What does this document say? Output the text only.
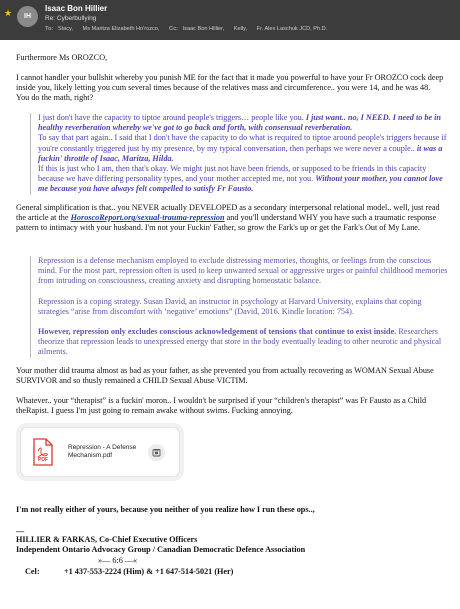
★	IH
Isaac Bon Hillier
Re: Cyberbullying
To: Stacy, Ms Maritza Elizabeth Ho'rozco, Cc: Isaac Bon Hillier, Kelly, Fr. Alex Laschuk JCD, Ph.D.
Furthermore Ms OROZCO,
I cannot handler your bullshit whereby you punish ME for the fact that it made you powerful to have your Fr OROZCO cock deep inside you, likely letting you cum several times because of the relatives mass and circumference.. you were 14, and he was 48. You do the math, right?
I just don't have the capacity to tiptoe around people's triggers… people like you. I just want.. no, I NEED. I need to be in healthy reverberation whereby we've got to go back and forth, with consensual reverberation.
To say that part again.. I said that I don't have the capacity to do what is required to tiptoe around people's triggers because if you're constantly triggered just by my presence, by my typical conversation, then perhaps we were never a couple.. it was a fuckin' throttle of Isaac, Maritza, Hilda.
If this is just who I am, then that's okay. We might just not have been friends, or supposed to be friends in this capacity because we have differing personality types, and your mother accepted me, not you. Without your mother, you cannot love me because you have always felt compelled to satisfy Fr Fausto.
General simplification is that.. you NEVER actually DEVELOPED as a secondary interpersonal relational model.. well, just read the article at the HoroscoReport.org/sexual-trauma-repression and you'll understand WHY you have such a traumatic response pattern to intimacy with your husband. I'm not your Fuckin' Father, so grow the Fark's up or get the Fark's Out of My Lane.
Repression is a defense mechanism employed to exclude distressing memories, thoughts, or feelings from the conscious mind. For the most part, repression often is used to keep unwanted sexual or aggressive urges or painful childhood memories from intruding on consciousness, creating anxiety and disrupting homeostatic balance.
Repression is a coping strategy. Susan David, an instructor in psychology at Harvard University, explains that coping strategies “arise from discomfort with ‘negative’ emotions” (David, 2016. Kindle location: 754).
However, repression only excludes conscious acknowledgement of tensions that continue to exist inside. Researchers theorize that repression leads to unexpressed energy that store in the body eventually leading to other neurotic and physical ailments.
Your mother did trauma almost as bad as your father, as she prevented you from actually recovering as WOMAN Sexual Abuse SURVIVOR and so thusly remained a CHILD Sexual Abuse VICTIM.
Whatever.. your “therapist” is a fuckin' moron.. I wouldn't be surprised if your “children's therapist” was Fr Fausto as a Child theRapist. I guess I'm just going to remain awake without swims. Fucking annoying.
PDF
Repression - A Defense Mechanism.pdf
I'm not really either of yours, because you neither of you realize how I run these ops..,
__
HILLIER & FARKAS, Co-Chief Executive Officers
Independent Ontario Advocacy Group / Canadian Democratic Defence Association
»— 6:6 —«
Cel:	+1 437-553-2224 (Him) & +1 647-514-5021 (Her)
